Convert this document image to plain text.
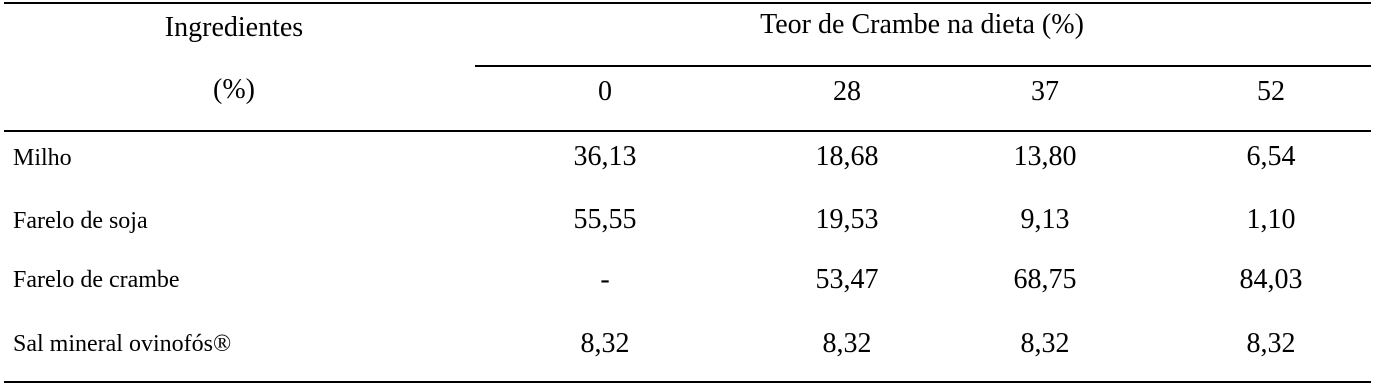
Ingredientes
(%)
Teor de Crambe na dieta (%)
0	28	37	52
Milho	36,13	18,68	13,80	6,54
Farelo de soja	55,55	19,53	9,13	1,10
Farelo de crambe	-	53,47	68,75	84,03
Sal mineral ovinofós®	8,32	8,32	8,32	8,32
